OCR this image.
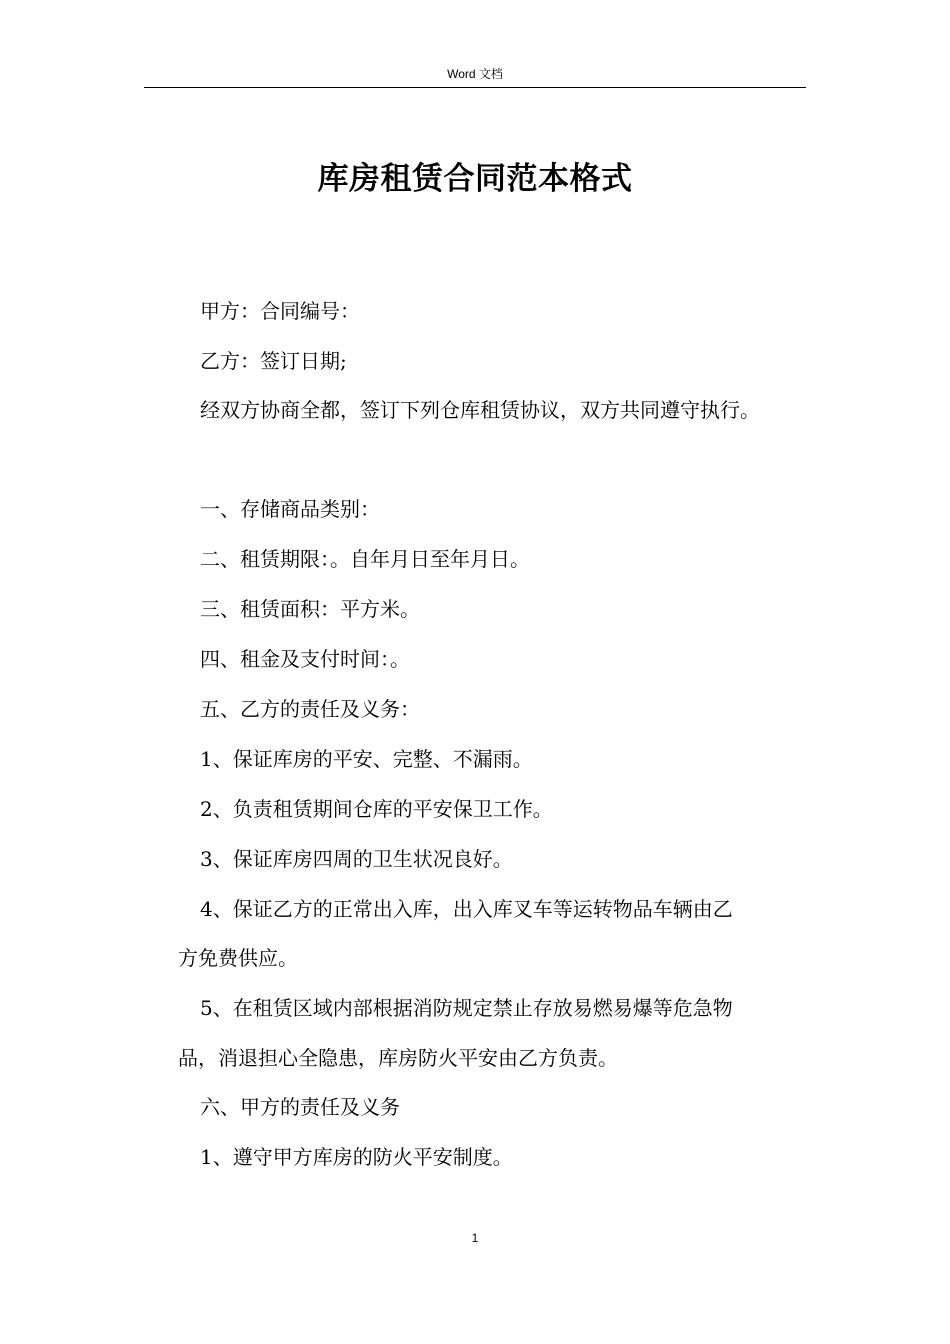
Word 文档
库房租赁合同范本格式
甲方：合同编号：
乙方：签订日期;
经双方协商全都，签订下列仓库租赁协议，双方共同遵守执行。
一、存储商品类别：
二、租赁期限：。自年月日至年月日。
三、租赁面积：平方米。
四、租金及支付时间：。
五、乙方的责任及义务：
1、保证库房的平安、完整、不漏雨。
2、负责租赁期间仓库的平安保卫工作。
3、保证库房四周的卫生状况良好。
4、保证乙方的正常出入库，出入库叉车等运转物品车辆由乙
方免费供应。
5、在租赁区域内部根据消防规定禁止存放易燃易爆等危急物
品，消退担心全隐患，库房防火平安由乙方负责。
六、甲方的责任及义务
1、遵守甲方库房的防火平安制度。
1
